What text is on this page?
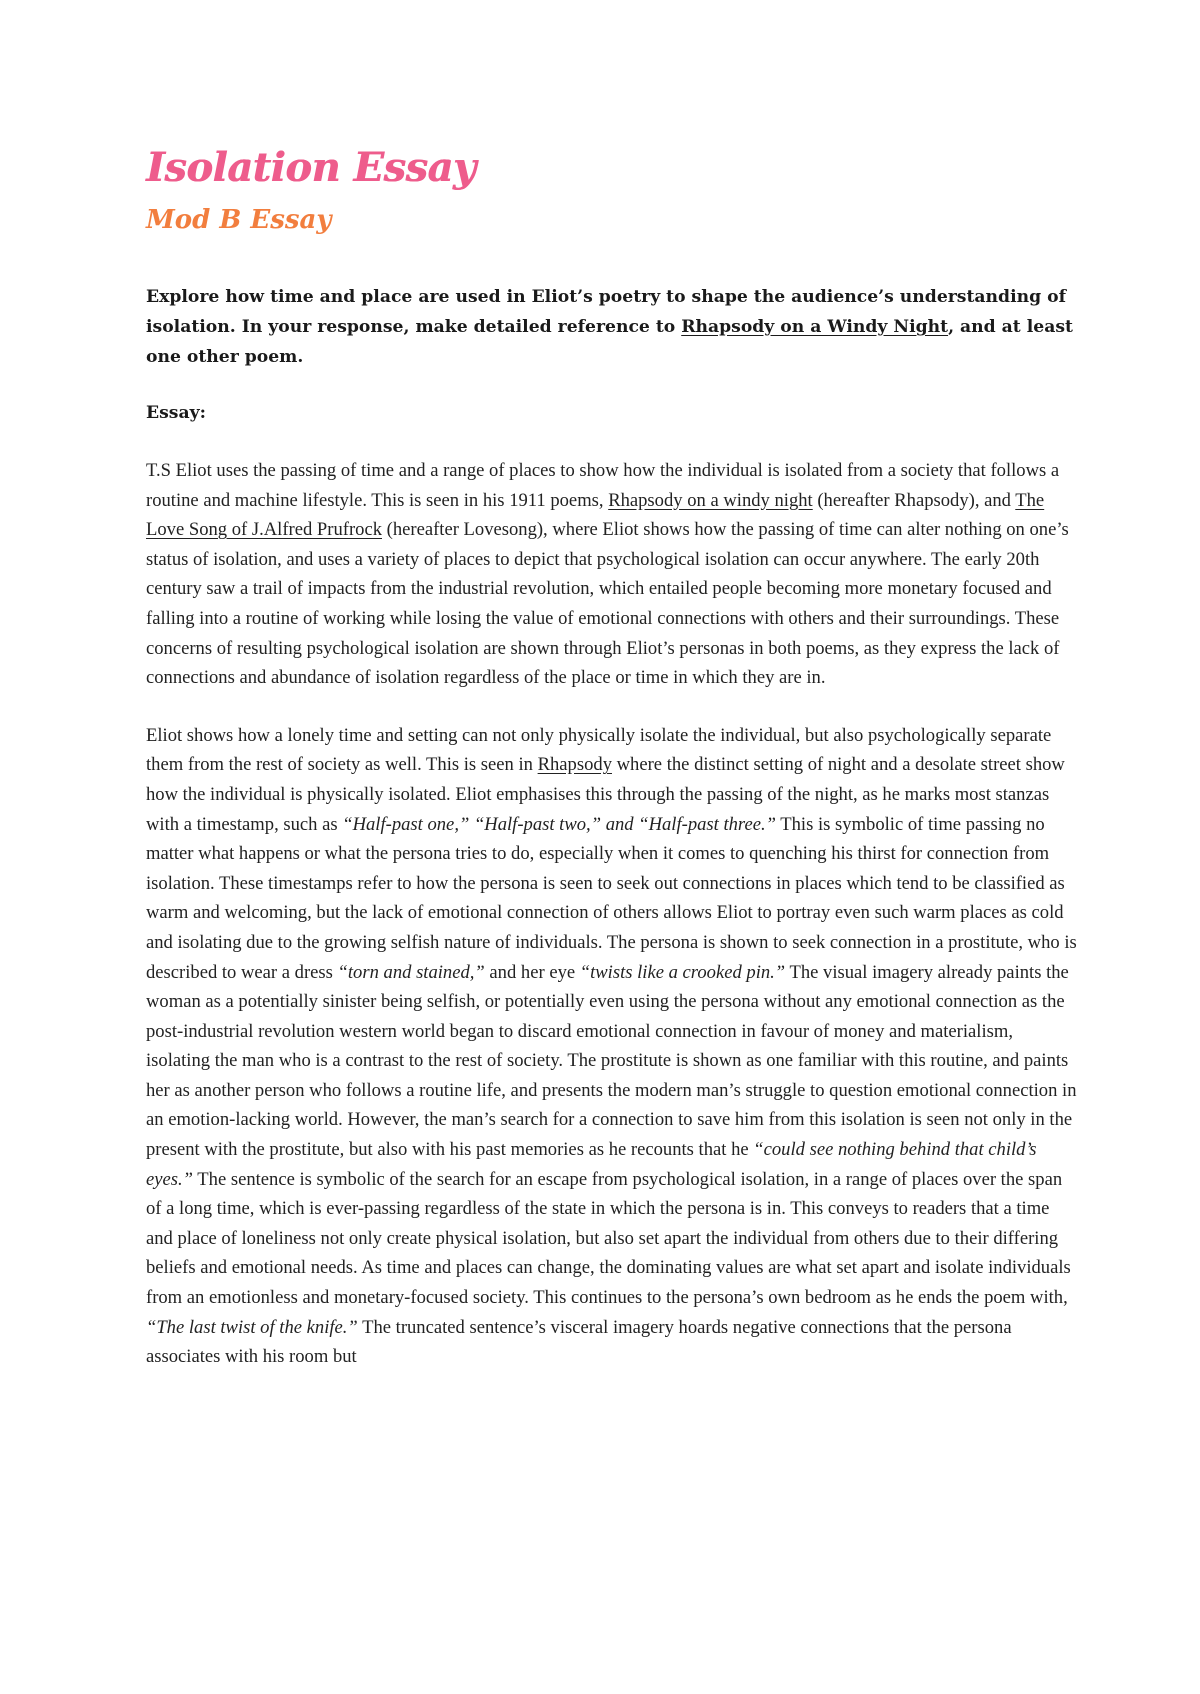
Isolation Essay
Mod B Essay

Explore how time and place are used in Eliot’s poetry to shape the audience’s understanding of isolation. In your response, make detailed reference to Rhapsody on a Windy Night, and at least one other poem.

Essay:

T.S Eliot uses the passing of time and a range of places to show how the individual is isolated from a society that follows a routine and machine lifestyle. This is seen in his 1911 poems, Rhapsody on a windy night (hereafter Rhapsody), and The Love Song of J.Alfred Prufrock (hereafter Lovesong), where Eliot shows how the passing of time can alter nothing on one’s status of isolation, and uses a variety of places to depict that psychological isolation can occur anywhere. The early 20th century saw a trail of impacts from the industrial revolution, which entailed people becoming more monetary focused and falling into a routine of working while losing the value of emotional connections with others and their surroundings. These concerns of resulting psychological isolation are shown through Eliot’s personas in both poems, as they express the lack of connections and abundance of isolation regardless of the place or time in which they are in.

Eliot shows how a lonely time and setting can not only physically isolate the individual, but also psychologically separate them from the rest of society as well. This is seen in Rhapsody where the distinct setting of night and a desolate street show how the individual is physically isolated. Eliot emphasises this through the passing of the night, as he marks most stanzas with a timestamp, such as “Half-past one,” “Half-past two,” and “Half-past three.” This is symbolic of time passing no matter what happens or what the persona tries to do, especially when it comes to quenching his thirst for connection from isolation. These timestamps refer to how the persona is seen to seek out connections in places which tend to be classified as warm and welcoming, but the lack of emotional connection of others allows Eliot to portray even such warm places as cold and isolating due to the growing selfish nature of individuals. The persona is shown to seek connection in a prostitute, who is described to wear a dress “torn and stained,” and her eye “twists like a crooked pin.” The visual imagery already paints the woman as a potentially sinister being selfish, or potentially even using the persona without any emotional connection as the post-industrial revolution western world began to discard emotional connection in favour of money and materialism, isolating the man who is a contrast to the rest of society. The prostitute is shown as one familiar with this routine, and paints her as another person who follows a routine life, and presents the modern man’s struggle to question emotional connection in an emotion-lacking world. However, the man’s search for a connection to save him from this isolation is seen not only in the present with the prostitute, but also with his past memories as he recounts that he “could see nothing behind that child’s eyes.” The sentence is symbolic of the search for an escape from psychological isolation, in a range of places over the span of a long time, which is ever-passing regardless of the state in which the persona is in. This conveys to readers that a time and place of loneliness not only create physical isolation, but also set apart the individual from others due to their differing beliefs and emotional needs. As time and places can change, the dominating values are what set apart and isolate individuals from an emotionless and monetary-focused society. This continues to the persona’s own bedroom as he ends the poem with, “The last twist of the knife.” The truncated sentence’s visceral imagery hoards negative connections that the persona associates with his room but
